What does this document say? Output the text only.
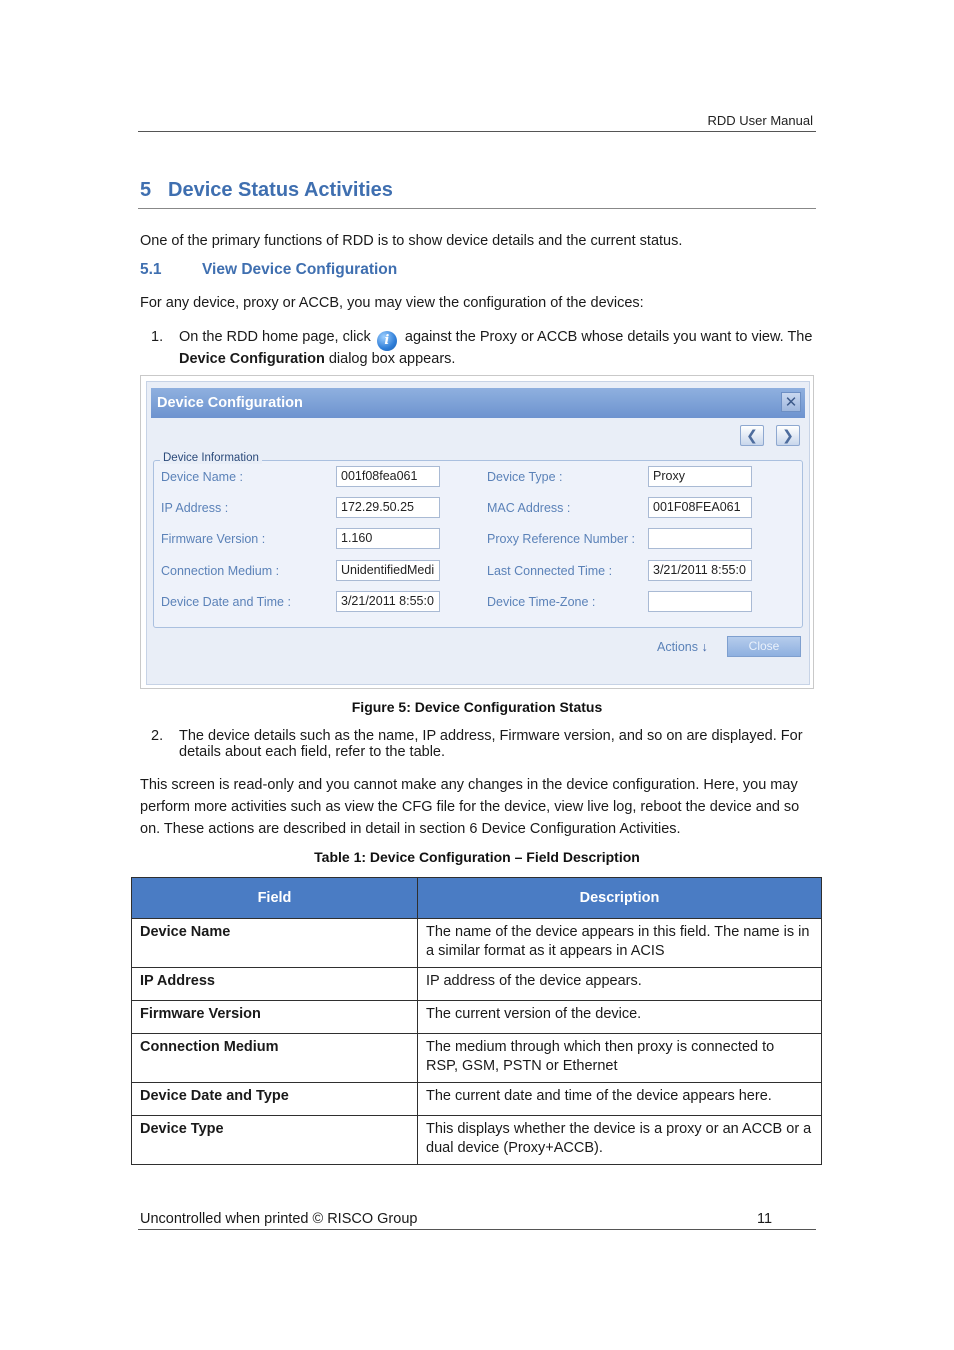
RDD User Manual
5 Device Status Activities
One of the primary functions of RDD is to show device details and the current status.
5.1	View Device Configuration
For any device, proxy or ACCB, you may view the configuration of the devices:
1. On the RDD home page, click i against the Proxy or ACCB whose details you want to view. The
Device Configuration dialog box appears.
Device Configuration	✕
❮	❯
Device Information
Device Name :	001f08fea061
IP Address :	172.29.50.25
Firmware Version :	1.160
Connection Medium :	UnidentifiedMedi
Device Date and Time :	3/21/2011 8:55:0
Device Type :	Proxy
MAC Address :	001F08FEA061
Proxy Reference Number :
Last Connected Time :	3/21/2011 8:55:0
Device Time-Zone :
Actions ↓	Close
Figure 5: Device Configuration Status
2. The device details such as the name, IP address, Firmware version, and so on are displayed. For
details about each field, refer to the table.
This screen is read-only and you cannot make any changes in the device configuration. Here, you may
perform more activities such as view the CFG file for the device, view live log, reboot the device and so
on. These actions are described in detail in section 6 Device Configuration Activities.
Table 1: Device Configuration – Field Description
Field	Description
Device Name	The name of the device appears in this field. The name is in
a similar format as it appears in ACIS

IP Address	IP address of the device appears.
Firmware Version	The current version of the device.
Connection Medium	The medium through which then proxy is connected to
RSP, GSM, PSTN or Ethernet

Device Date and Type	The current date and time of the device appears here.
Device Type	This displays whether the device is a proxy or an ACCB or a
dual device (Proxy+ACCB).
Uncontrolled when printed © RISCO Group	11
